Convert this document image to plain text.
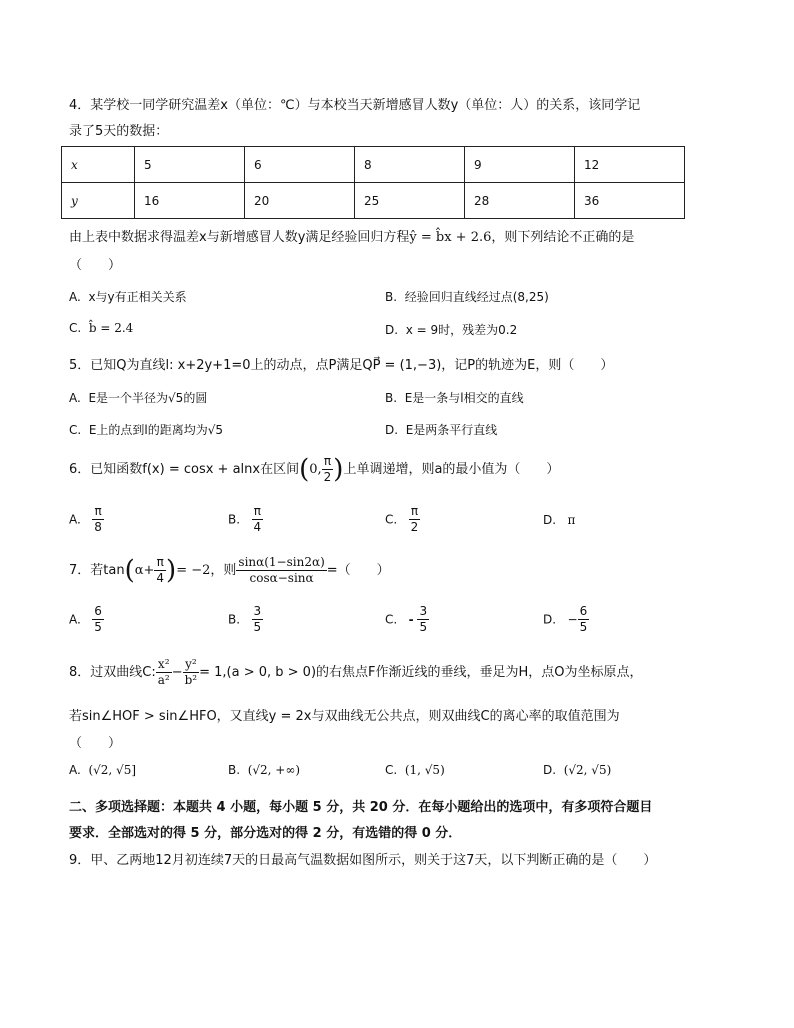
4．某学校一同学研究温差x（单位：℃）与本校当天新增感冒人数y（单位：人）的关系，该同学记
录了5天的数据：
x	5	6	8	9	12
y	16	20	25	28	36
由上表中数据求得温差x与新增感冒人数y满足经验回归方程ŷ = b̂x + 2.6，则下列结论不正确的是
（　　）
A. x与y有正相关关系	B. 经验回归直线经过点(8,25)
C. b̂ = 2.4	D. x = 9时，残差为0.2
5．已知Q为直线l: x+2y+1=0上的动点，点P满足QP⃗ = (1,−3)，记P的轨迹为E，则（　　）
A. E是一个半径为√5的圆	B. E是一条与l相交的直线
C. E上的点到l的距离均为√5	D. E是两条平行直线
6．已知函数f(x) = cosx + alnx在区间(0, $\frac{\pi}{2}$ )上单调递增，则a的最小值为（　　）
A. $\frac{\pi}{8}$	B. $\frac{\pi}{4}$	C. $\frac{\pi}{2}$	D. π
7．若$\tan(\alpha+ \frac{\pi}{4}$ )= −2，则 $\frac{\sin\alpha(1-\sin 2\alpha)}{\cos\alpha-\sin\alpha}$ =（　　）
A. $\frac{6}{5}$	B. $\frac{3}{5}$	C. - $\frac{3}{5}$	D. − $\frac{6}{5}$
8．过双曲线C: $\frac{\text{x²}}{\text{a²}} - \frac{\text{y²}}{\text{b²}} = 1,(a > 0$, b > 0)的右焦点F作渐近线的垂线，垂足为H，点O为坐标原点，
若sin∠HOF > sin∠HFO，又直线y = 2x与双曲线无公共点，则双曲线C的离心率的取值范围为
（　　）
A. (√2, √5]	B. (√2, +∞)	C. (1, √5)	D. (√2, √5)
二、多项选择题：本题共 4 小题，每小题 5 分，共 20 分．在每小题给出的选项中，有多项符合题目
要求．全部选对的得 5 分，部分选对的得 2 分，有选错的得 0 分．
9．甲、乙两地12月初连续7天的日最高气温数据如图所示，则关于这7天，以下判断正确的是（　　）
